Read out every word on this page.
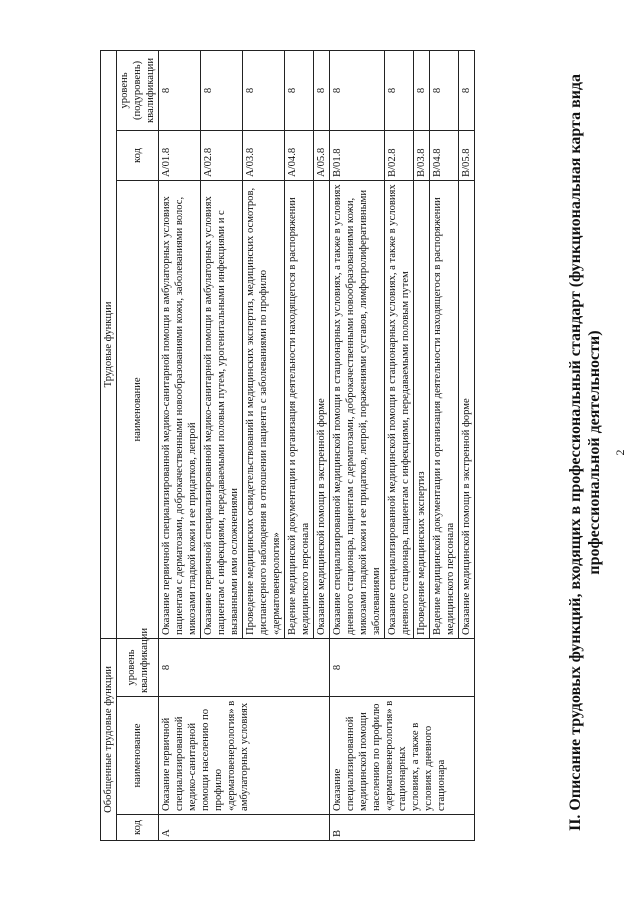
2
II. Описание трудовых функций, входящих в профессиональный стандарт (функциональная карта вида профессиональной деятельности)
Обобщенные трудовые функции			Трудовые функции		
код	наименование	уровень квалификации	наименование	код	уровень (подуровень) квалификации
А	Оказание первичной специализированной медико-санитарной помощи населению по профилю «дерматовенерология» в амбулаторных условиях	8	Оказание первичной специализированной медико-санитарной помощи в амбулаторных условиях пациентам с дерматозами, доброкачественными новообразованиями кожи, заболеваниями волос, микозами гладкой кожи и ее придатков, лепрой	A/01.8	8
			Оказание первичной специализированной медико-санитарной помощи в амбулаторных условиях пациентам с инфекциями, передаваемыми половым путем, урогенитальными инфекциями и с вызванными ими осложнениями	A/02.8	8
			Проведение медицинских освидетельствований и медицинских экспертиз, медицинских осмотров, диспансерного наблюдения в отношении пациента с заболеваниями по профилю «дерматовенерология»	A/03.8	8
			Ведение медицинской документации и организация деятельности находящегося в распоряжении медицинского персонала	A/04.8	8
			Оказание медицинской помощи в экстренной форме	A/05.8	8
В	Оказание специализированной медицинской помощи населению по профилю «дерматовенерология» в стационарных условиях, а также в условиях дневного стационара	8	Оказание специализированной медицинской помощи в стационарных условиях, а также в условиях дневного стационара, пациентам с дерматозами, доброкачественными новообразованиями кожи, микозами гладкой кожи и ее придатков, лепрой, поражениями суставов, лимфопролиферативными заболеваниями	B/01.8	8
			Оказание специализированной медицинской помощи в стационарных условиях, а также в условиях дневного стационара, пациентам с инфекциями, передаваемыми половым путем	B/02.8	8
			Проведение медицинских экспертиз	B/03.8	8
			Ведение медицинской документации и организация деятельности находящегося в распоряжении медицинского персонала	B/04.8	8
			Оказание медицинской помощи в экстренной форме	B/05.8	8
